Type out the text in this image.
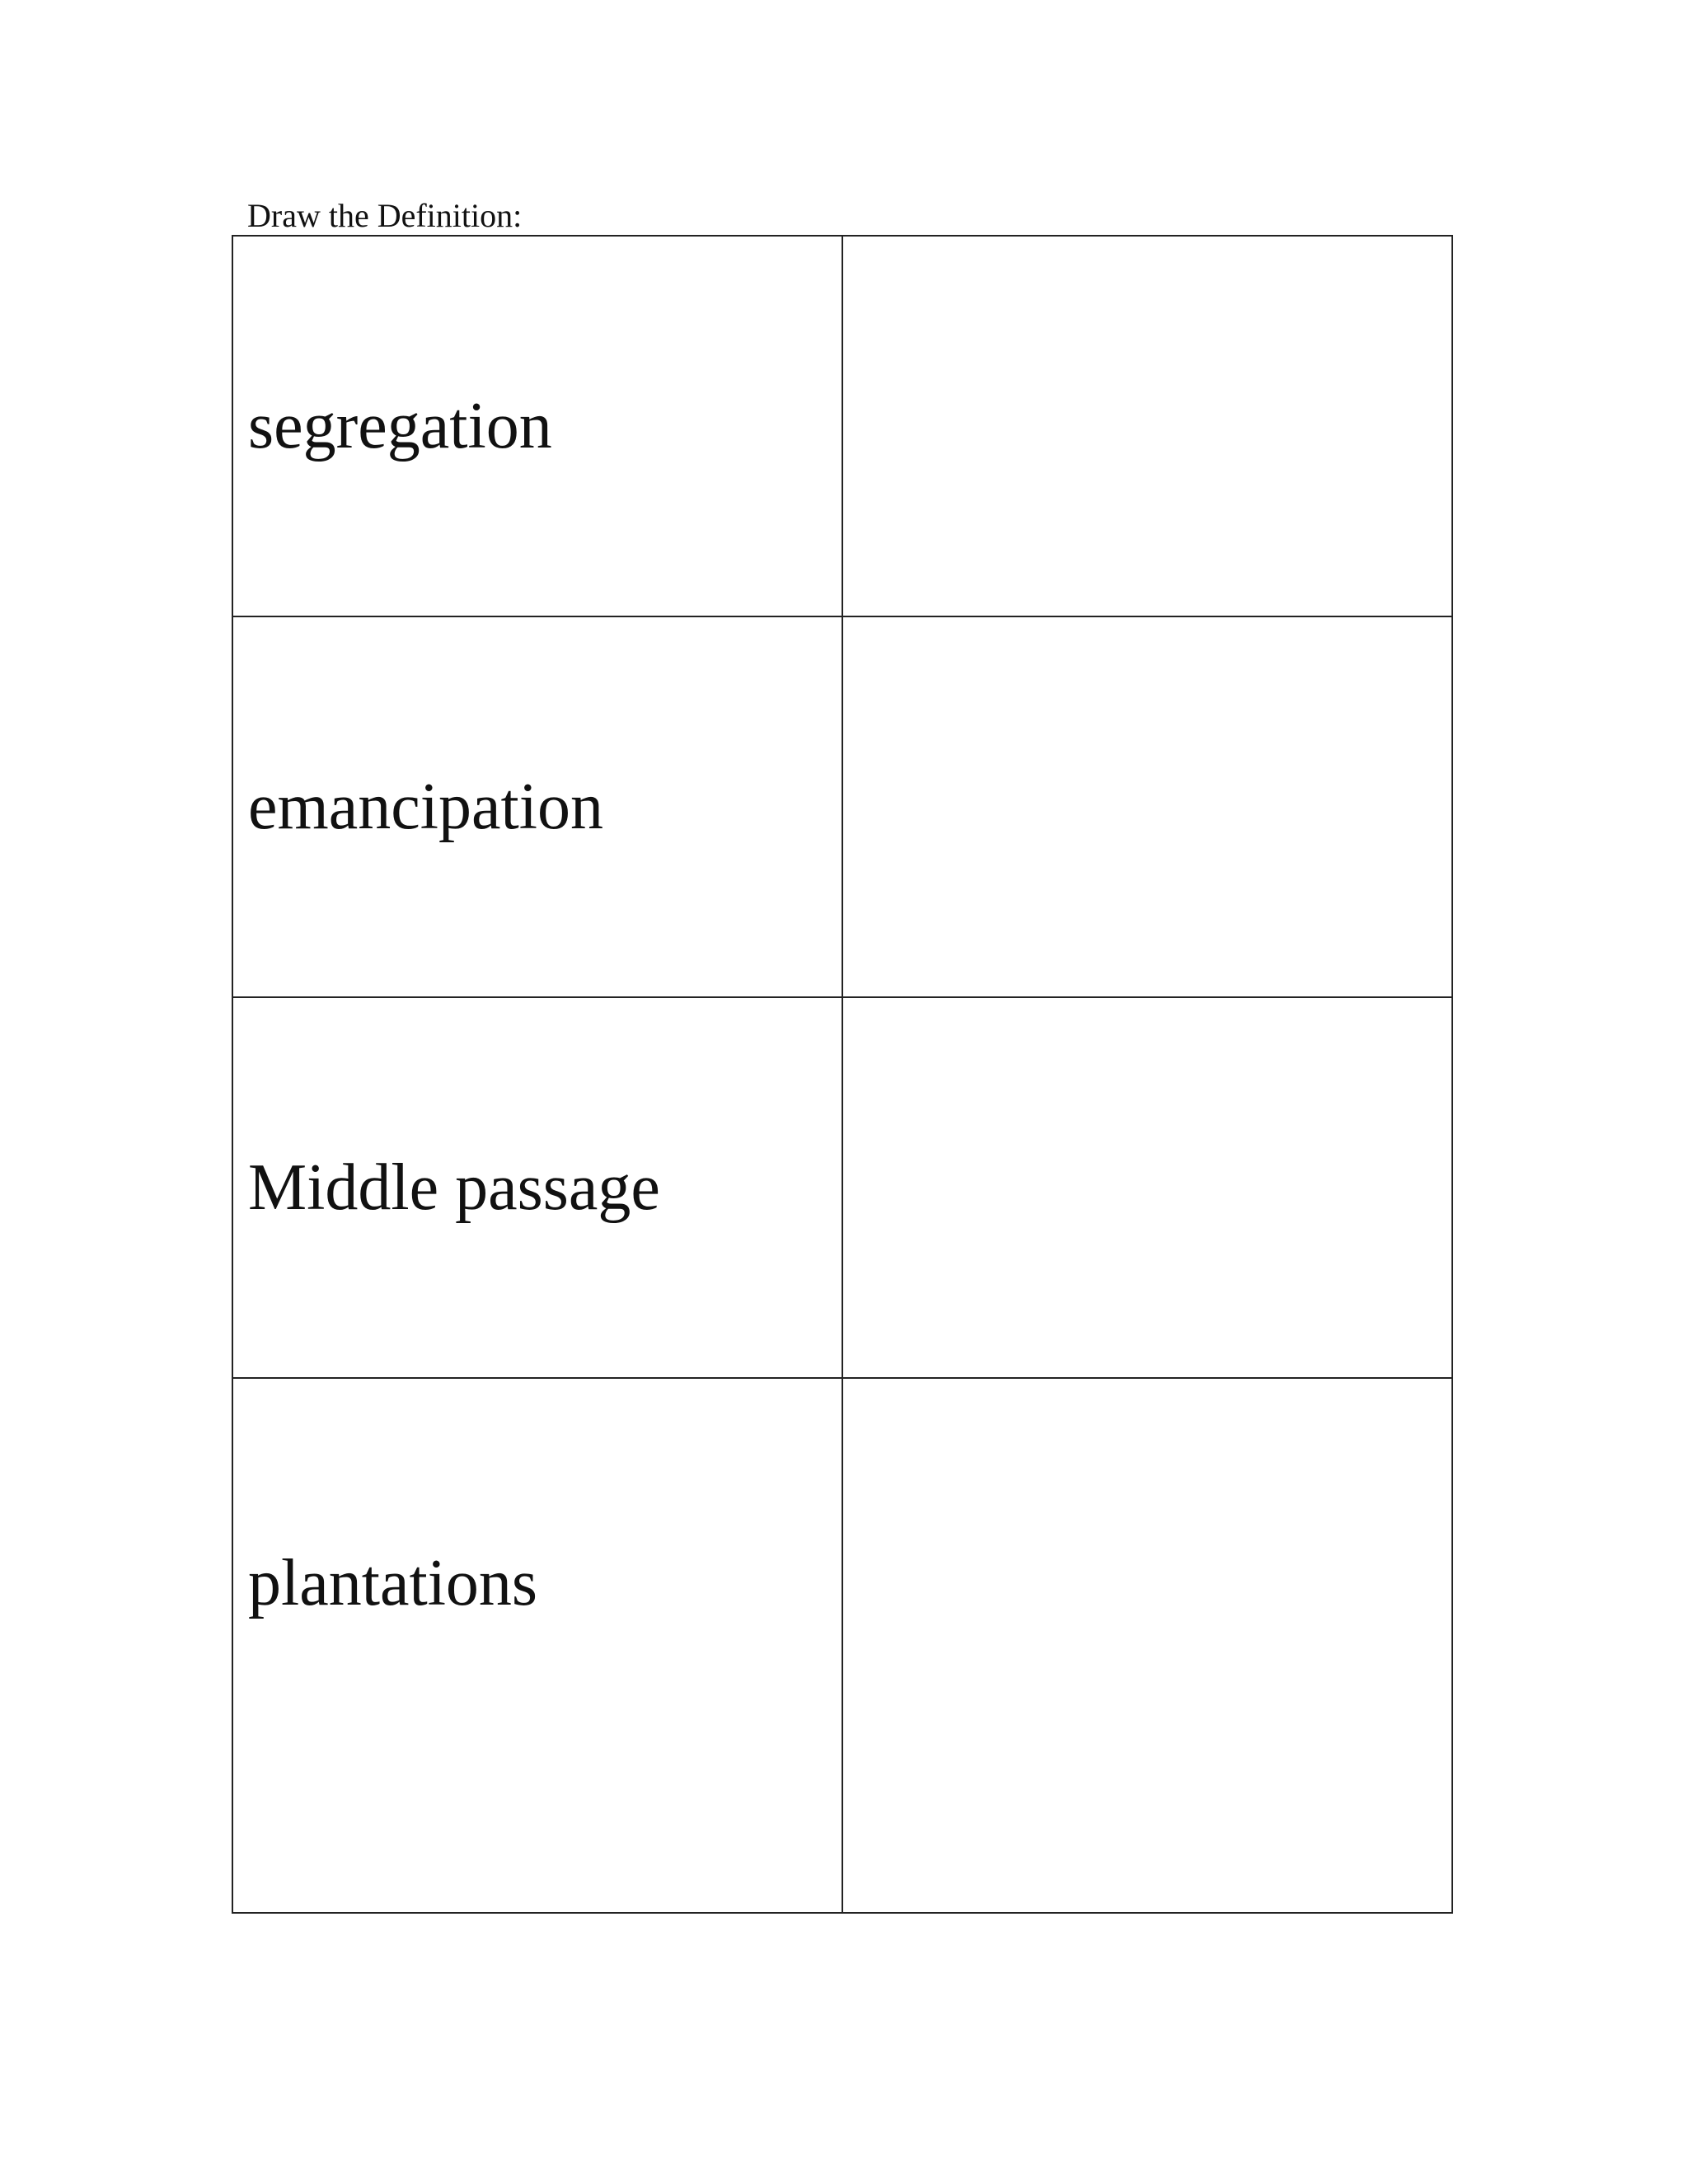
Draw the Definition:
segregation	

emancipation	

Middle passage	

plantations	
